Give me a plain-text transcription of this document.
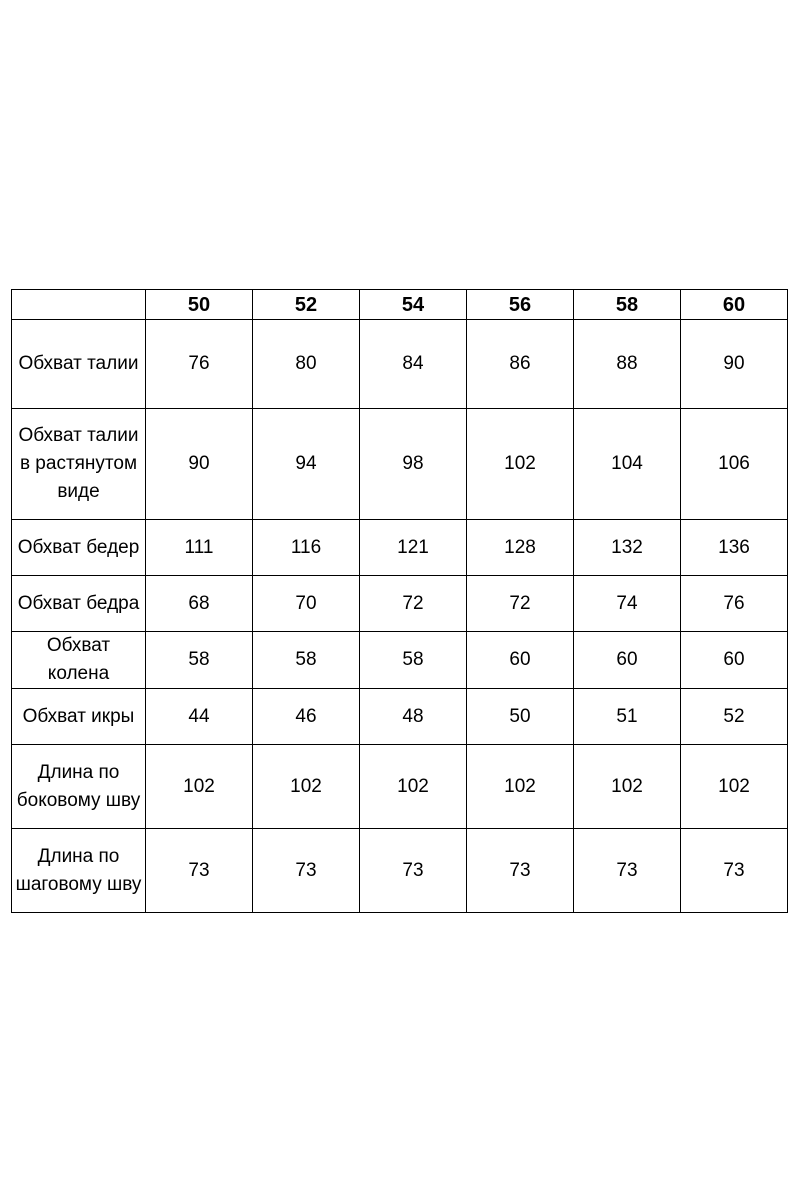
	50	52	54	56	58	60
Обхват талии	76	80	84	86	88	90
Обхват талии в растянутом виде	90	94	98	102	104	106
Обхват бедер	111	116	121	128	132	136
Обхват бедра	68	70	72	72	74	76
Обхват колена	58	58	58	60	60	60
Обхват икры	44	46	48	50	51	52
Длина по боковому шву	102	102	102	102	102	102
Длина по шаговому шву	73	73	73	73	73	73
